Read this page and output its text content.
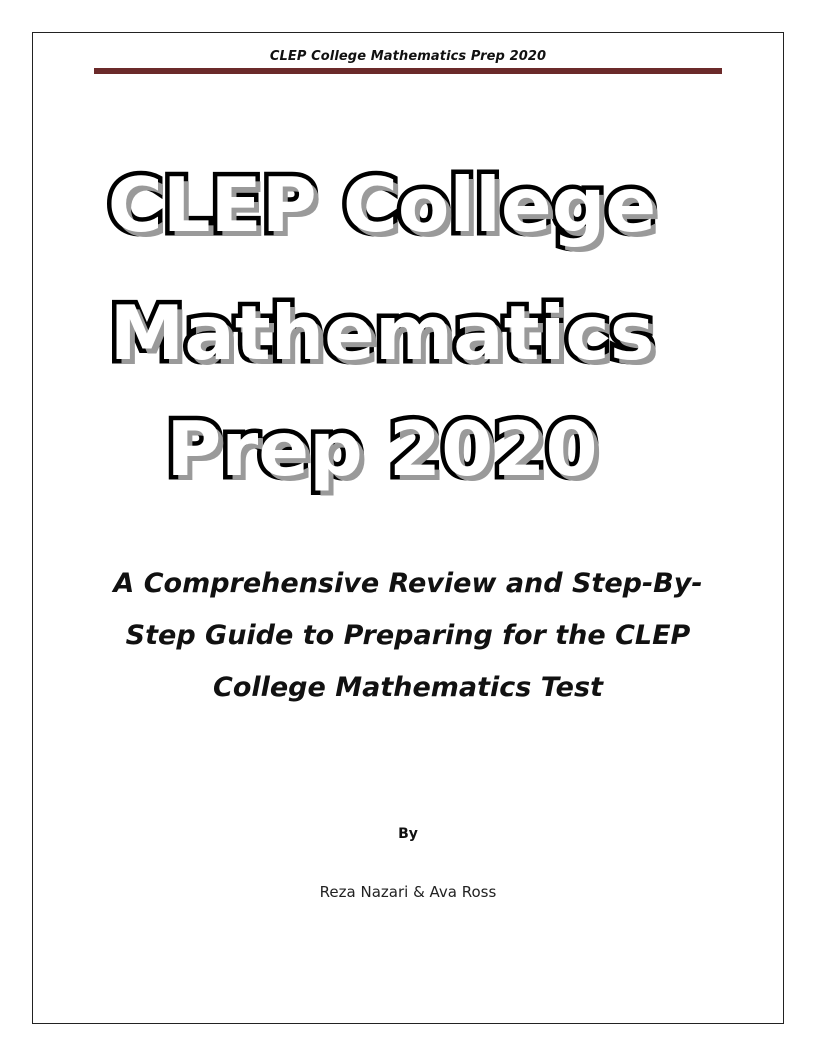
CLEP College Mathematics Prep 2020
CLEP College
Mathematics
Prep 2020
A Comprehensive Review and Step-By-Step Guide to Preparing for the CLEP College Mathematics Test
By
Reza Nazari & Ava Ross
